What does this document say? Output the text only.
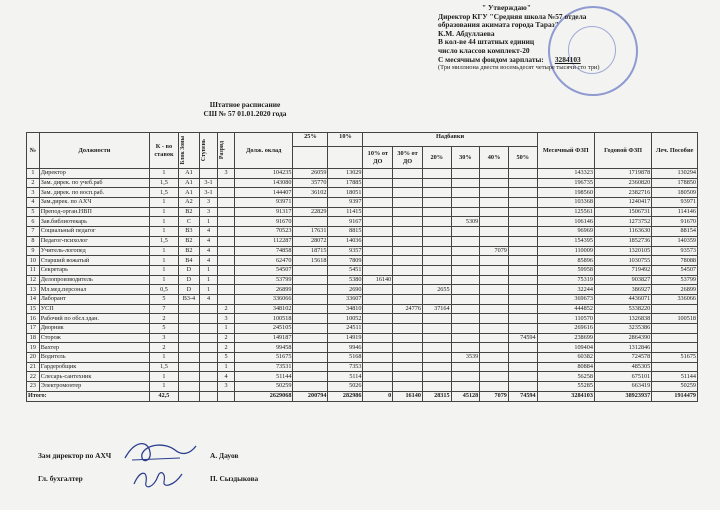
" Утверждаю"
Директор КГУ "Средняя школа №57 отдела
образования акимата города Тараз"
К.М. Абдуллаева
В кол-ве 44 штатных единиц
число классов комплект-20
С месячным фондом зарплаты: 3284103
(Три миллиона двести восемьдесят четыре тысячи сто три)
Штатное расписание
СШ № 57 01.01.2020 года
№	Должности	К - во ставок	Блок Зоны	Ступень	Разряд	Долж. оклад	25%	10%	Надбавки						Месячный ФЗП	Годовой ФЗП	Леч. Пособие
									10% от ДО	30% от ДО	20%	30%	40%	50%			
1	Директор	1	А1		3	104235	26059	13029							143323	1719878	130294
2	Зам. дирек. по учеб.раб	1,5	А1	3-1		143080	35770	17885							196735	2360820	178850
3	Зам. дирек. по восп.раб.	1,5	А1	3-1		144407	36102	18051							198560	2382716	180509
4	Зам.дирек. по АХЧ	1	А2	3		93971		9397							103368	1240417	93971
5	Препод-орган.НВП	1	В2	3		91317	22829	11415							125561	1506731	114146
6	Зав.библиотекарь	1	С	1		91670		9167				5309			106146	1273752	91670
7	Социальный педагог	1	В3	4		70523	17631	8815							96969	1163630	88154
8	Педагог-психолог	1,5	В2	4		112287	28072	14036							154395	1852736	140359
9	Учитель-логопед	1	В2	4		74858	18715	9357					7079		110009	1320105	93573
10	Старший вожатый	1	В4	4		62470	15618	7809							85896	1030755	78088
11	Секретарь	1	D	1		54507		5451							59958	719492	54507
12	Делопроизводитель	1	D	1		53799		5380	16140						75319	903827	53799
13	Мл.мед.персонал	0,5	D	1		26899		2690			2655				32244	386927	26899
14	Лаборант	5	В3-4	4		336066		33607							369673	4436071	336066
15	УСП	7			2	348102		34810		24776	37164				444852	5338220	
16	Рабочий по обсл.здан.	2			3	100518		10052							110570	1326838	100518
17	Дворник	5			1	245105		24511							269616	3235386	
18	Сторож	3			2	149187		14919						74594	238699	2864390	
19	Вахтер	2			2	99458		9946							109404	1312846	
20	Водитель	1			5	51675		5168				3539			60382	724578	51675
21	Гардеробщик	1,5			1	73531		7353							80884	485305	
22	Слесарь-сантехник	1			4	51144		5114							56258	675101	51144
23	Электромонтер	1			3	50259		5026							55285	663419	50259
Итого:		42,5				2629068	200794	282986	0	16140	28315	45128	7079	74594	3284103	38923937	1914479
Зам директор по АХЧ
Гл. бухгалтер
А. Дауов
П. Сыздыкова
